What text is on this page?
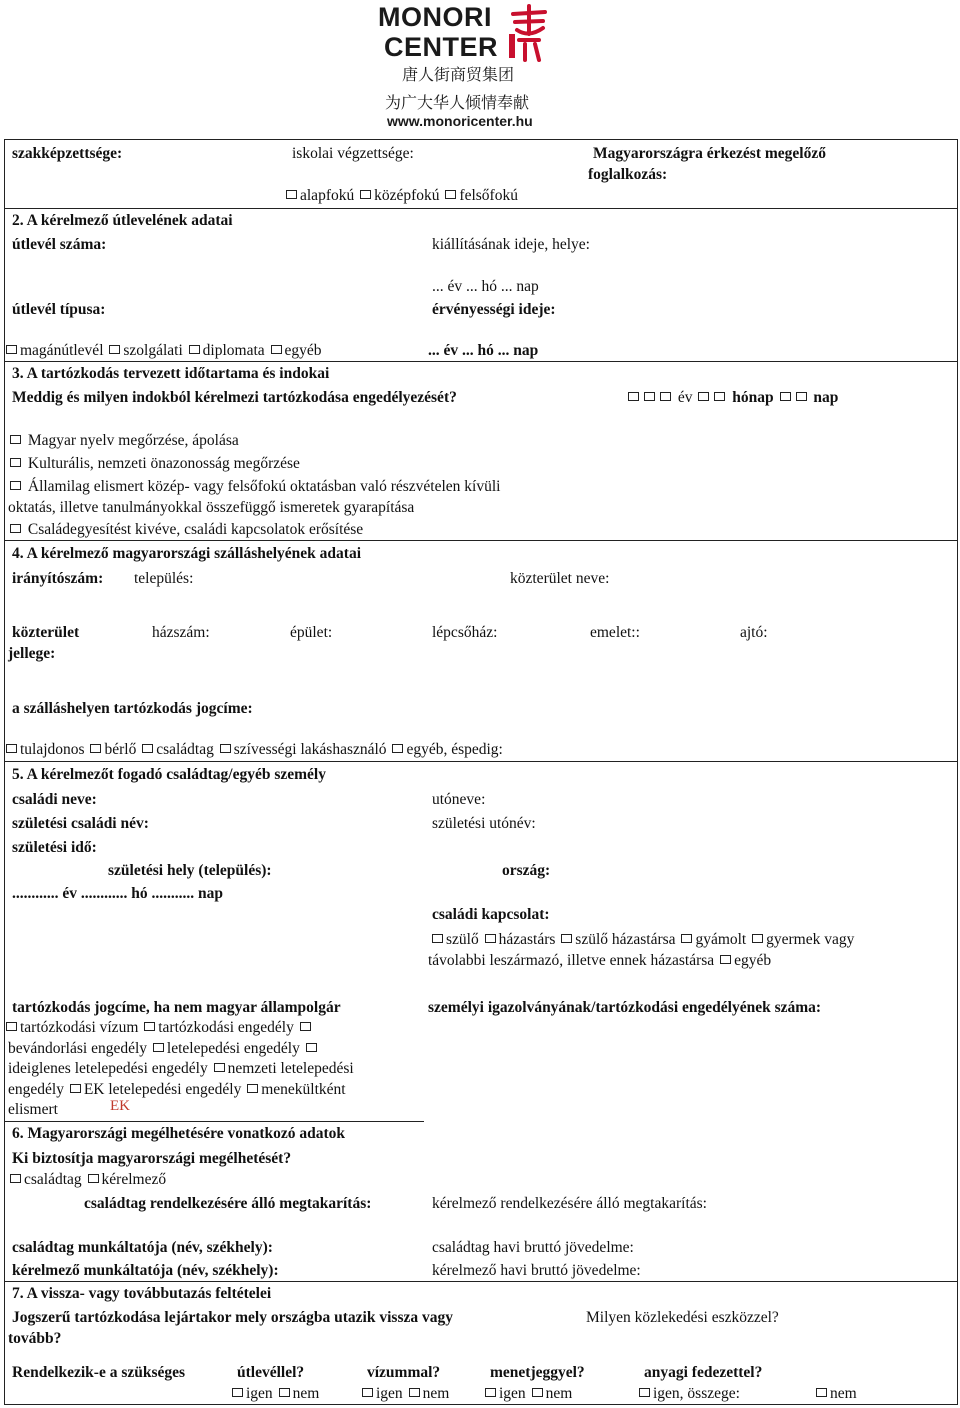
MONORI
CENTER
唐人街商贸集团
为广大华人倾情奉献
www.monoricenter.hu
szakképzettsége:	iskolai végzettsége:	Magyarországra érkezést megelőző
foglalkozás:
alapfokú középfokú felsőfokú
2. A kérelmező útlevelének adatai
útlevél száma:	kiállításának ideje, helye:
... év ... hó ... nap
útlevél típusa:	érvényességi ideje:
magánútlevél szolgálati diplomata egyéb	... év ... hó ... nap
3. A tartózkodás tervezett időtartama és indokai
Meddig és milyen indokból kérelmezi tartózkodása engedélyezését?	év	hónap	nap
Magyar nyelv megőrzése, ápolása
Kulturális, nemzeti önazonosság megőrzése
Államilag elismert közép- vagy felsőfokú oktatásban való részvételen kívüli
oktatás, illetve tanulmányokkal összefüggő ismeretek gyarapítása
Családegyesítést kivéve, családi kapcsolatok erősítése
4. A kérelmező magyarországi szálláshelyének adatai
irányítószám: település:	közterület neve:
közterület
jellege:
házszám:	épület:	lépcsőház:	emelet::	ajtó:
a szálláshelyen tartózkodás jogcíme:
tulajdonos bérlő családtag szívességi lakáshasználó egyéb, éspedig:
5. A kérelmezőt fogadó családtag/egyéb személy
családi neve:	utóneve:
születési családi név:	születési utónév:
születési idő:
születési hely (település):	ország:
............ év ............ hó ........... nap
családi kapcsolat:
szülő házastárs szülő házastársa gyámolt gyermek vagy
távolabbi leszármazó, illetve ennek házastársa egyéb
tartózkodás jogcíme, ha nem magyar állampolgár	személyi igazolványának/tartózkodási engedélyének száma:
tartózkodási vízum tartózkodási engedély
bevándorlási engedély letelepedési engedély
ideiglenes letelepedési engedély nemzeti letelepedési
engedély EK letelepedési engedély menekültként
elismert	EK
6. Magyarországi megélhetésére vonatkozó adatok
Ki biztosítja magyarországi megélhetését?
családtag kérelmező
családtag rendelkezésére álló megtakarítás:	kérelmező rendelkezésére álló megtakarítás:
családtag munkáltatója (név, székhely):	családtag havi bruttó jövedelme:
kérelmező munkáltatója (név, székhely):	kérelmező havi bruttó jövedelme:
7. A vissza- vagy továbbutazás feltételei
Jogszerű tartózkodása lejártakor mely országba utazik vissza vagy
tovább?
Milyen közlekedési eszközzel?
Rendelkezik-e a szükséges	útlevéllel?	vízummal?	menetjeggyel?	anyagi fedezettel?
igen nem	igen nem	igen nem	igen, összege:	nem
